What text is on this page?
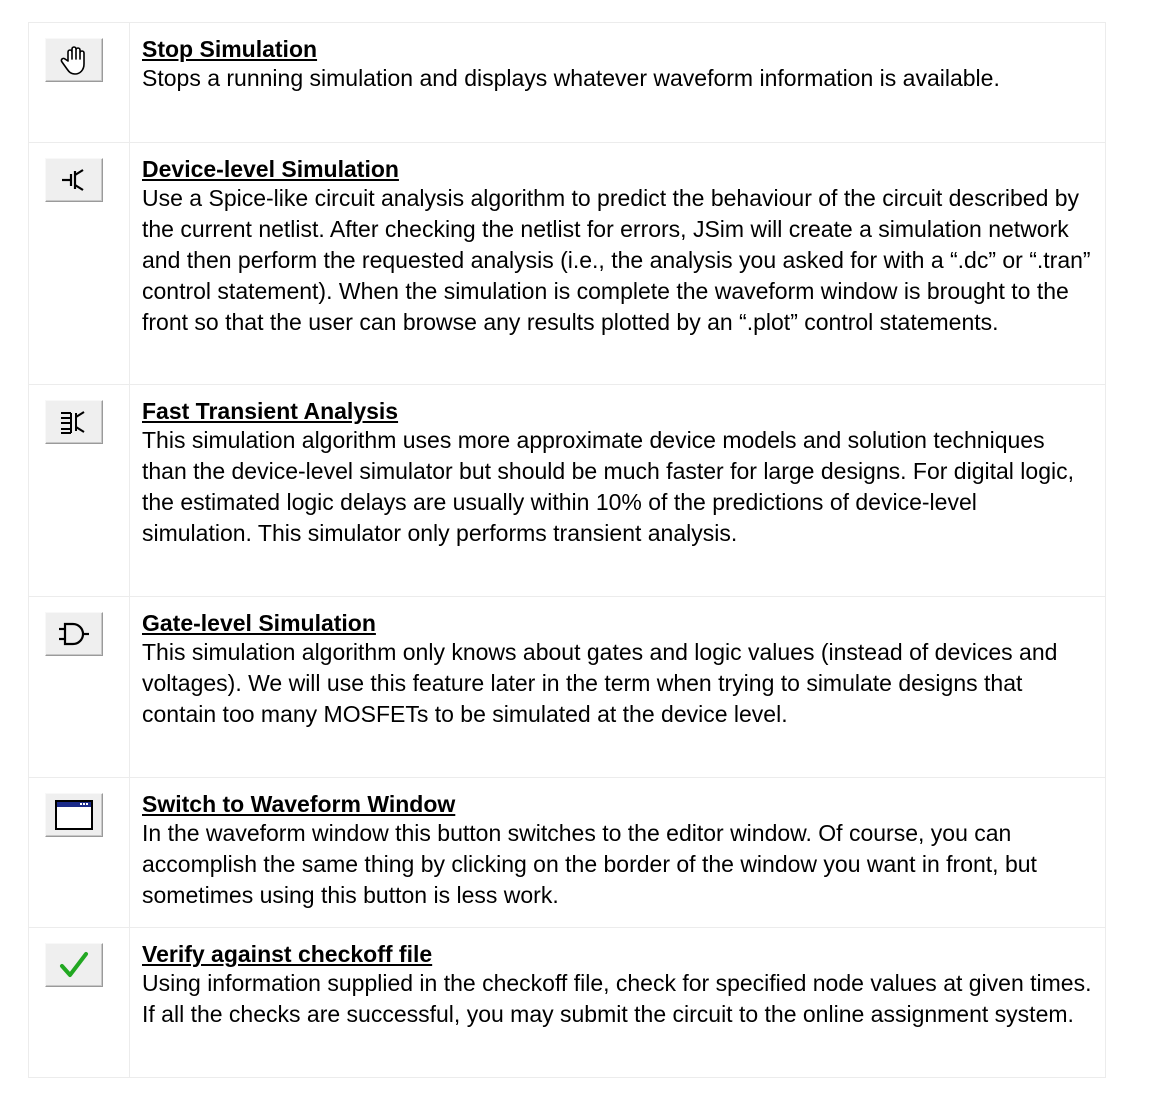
Stop Simulation
Stops a running simulation and displays whatever waveform information is available.

Device-level Simulation
Use a Spice-like circuit analysis algorithm to predict the behaviour of the circuit described by the current netlist. After checking the netlist for errors, JSim will create a simulation network and then perform the requested analysis (i.e., the analysis you asked for with a “.dc” or “.tran” control statement). When the simulation is complete the waveform window is brought to the front so that the user can browse any results plotted by an “.plot” control statements.

Fast Transient Analysis
This simulation algorithm uses more approximate device models and solution techniques than the device-level simulator but should be much faster for large designs. For digital logic, the estimated logic delays are usually within 10% of the predictions of device-level simulation. This simulator only performs transient analysis.

Gate-level Simulation
This simulation algorithm only knows about gates and logic values (instead of devices and voltages). We will use this feature later in the term when trying to simulate designs that contain too many MOSFETs to be simulated at the device level.

Switch to Waveform Window
In the waveform window this button switches to the editor window. Of course, you can accomplish the same thing by clicking on the border of the window you want in front, but sometimes using this button is less work.

Verify against checkoff file
Using information supplied in the checkoff file, check for specified node values at given times. If all the checks are successful, you may submit the circuit to the online assignment system.
